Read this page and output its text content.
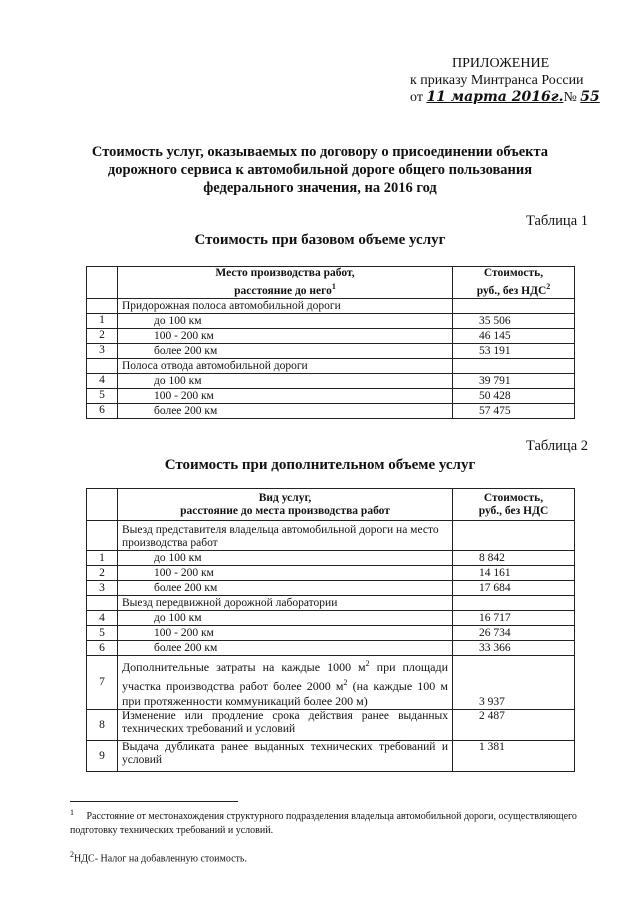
ПРИЛОЖЕНИЕ
к приказу Минтранса России
от 11 марта 2016г.№ 55
Стоимость услуг, оказываемых по договору о присоединении объекта дорожного сервиса к автомобильной дороге общего пользования федерального значения, на 2016 год
Таблица 1
Стоимость при базовом объеме услуг
	Место производства работ,
расстояние до него$^1$	Стоимость,
руб., без НДС$^2$
	Придорожная полоса автомобильной дороги	
1	до 100 км	35 506
2	100 - 200 км	46 145
3	более 200 км	53 191
	Полоса отвода автомобильной дороги	
4	до 100 км	39 791
5	100 - 200 км	50 428
6	более 200 км	57 475
Таблица 2
Стоимость при дополнительном объеме услуг
	Вид услуг,
расстояние до места производства работ	Стоимость,
руб., без НДС
	Выезд представителя владельца автомобильной дороги на место производства работ	
1	до 100 км	8 842
2	100 - 200 км	14 161
3	более 200 км	17 684
	Выезд передвижной дорожной лаборатории	
4	до 100 км	16 717
5	100 - 200 км	26 734
6	более 200 км	33 366
7	Дополнительные затраты на каждые 1000 $м^2$ при площади участка производства работ более 2000 $м^2$ (на каждые 100 м при протяженности коммуникаций более 200 м)	3 937
8	Изменение или продление срока действия ранее выданных технических требований и условий	2 487
9	Выдача дубликата ранее выданных технических требований и условий	1 381
$^1$ Расстояние от местонахождения структурного подразделения владельца автомобильной дороги, осуществляющего подготовку технических требований и условий.
$^2$НДС- Налог на добавленную стоимость.
